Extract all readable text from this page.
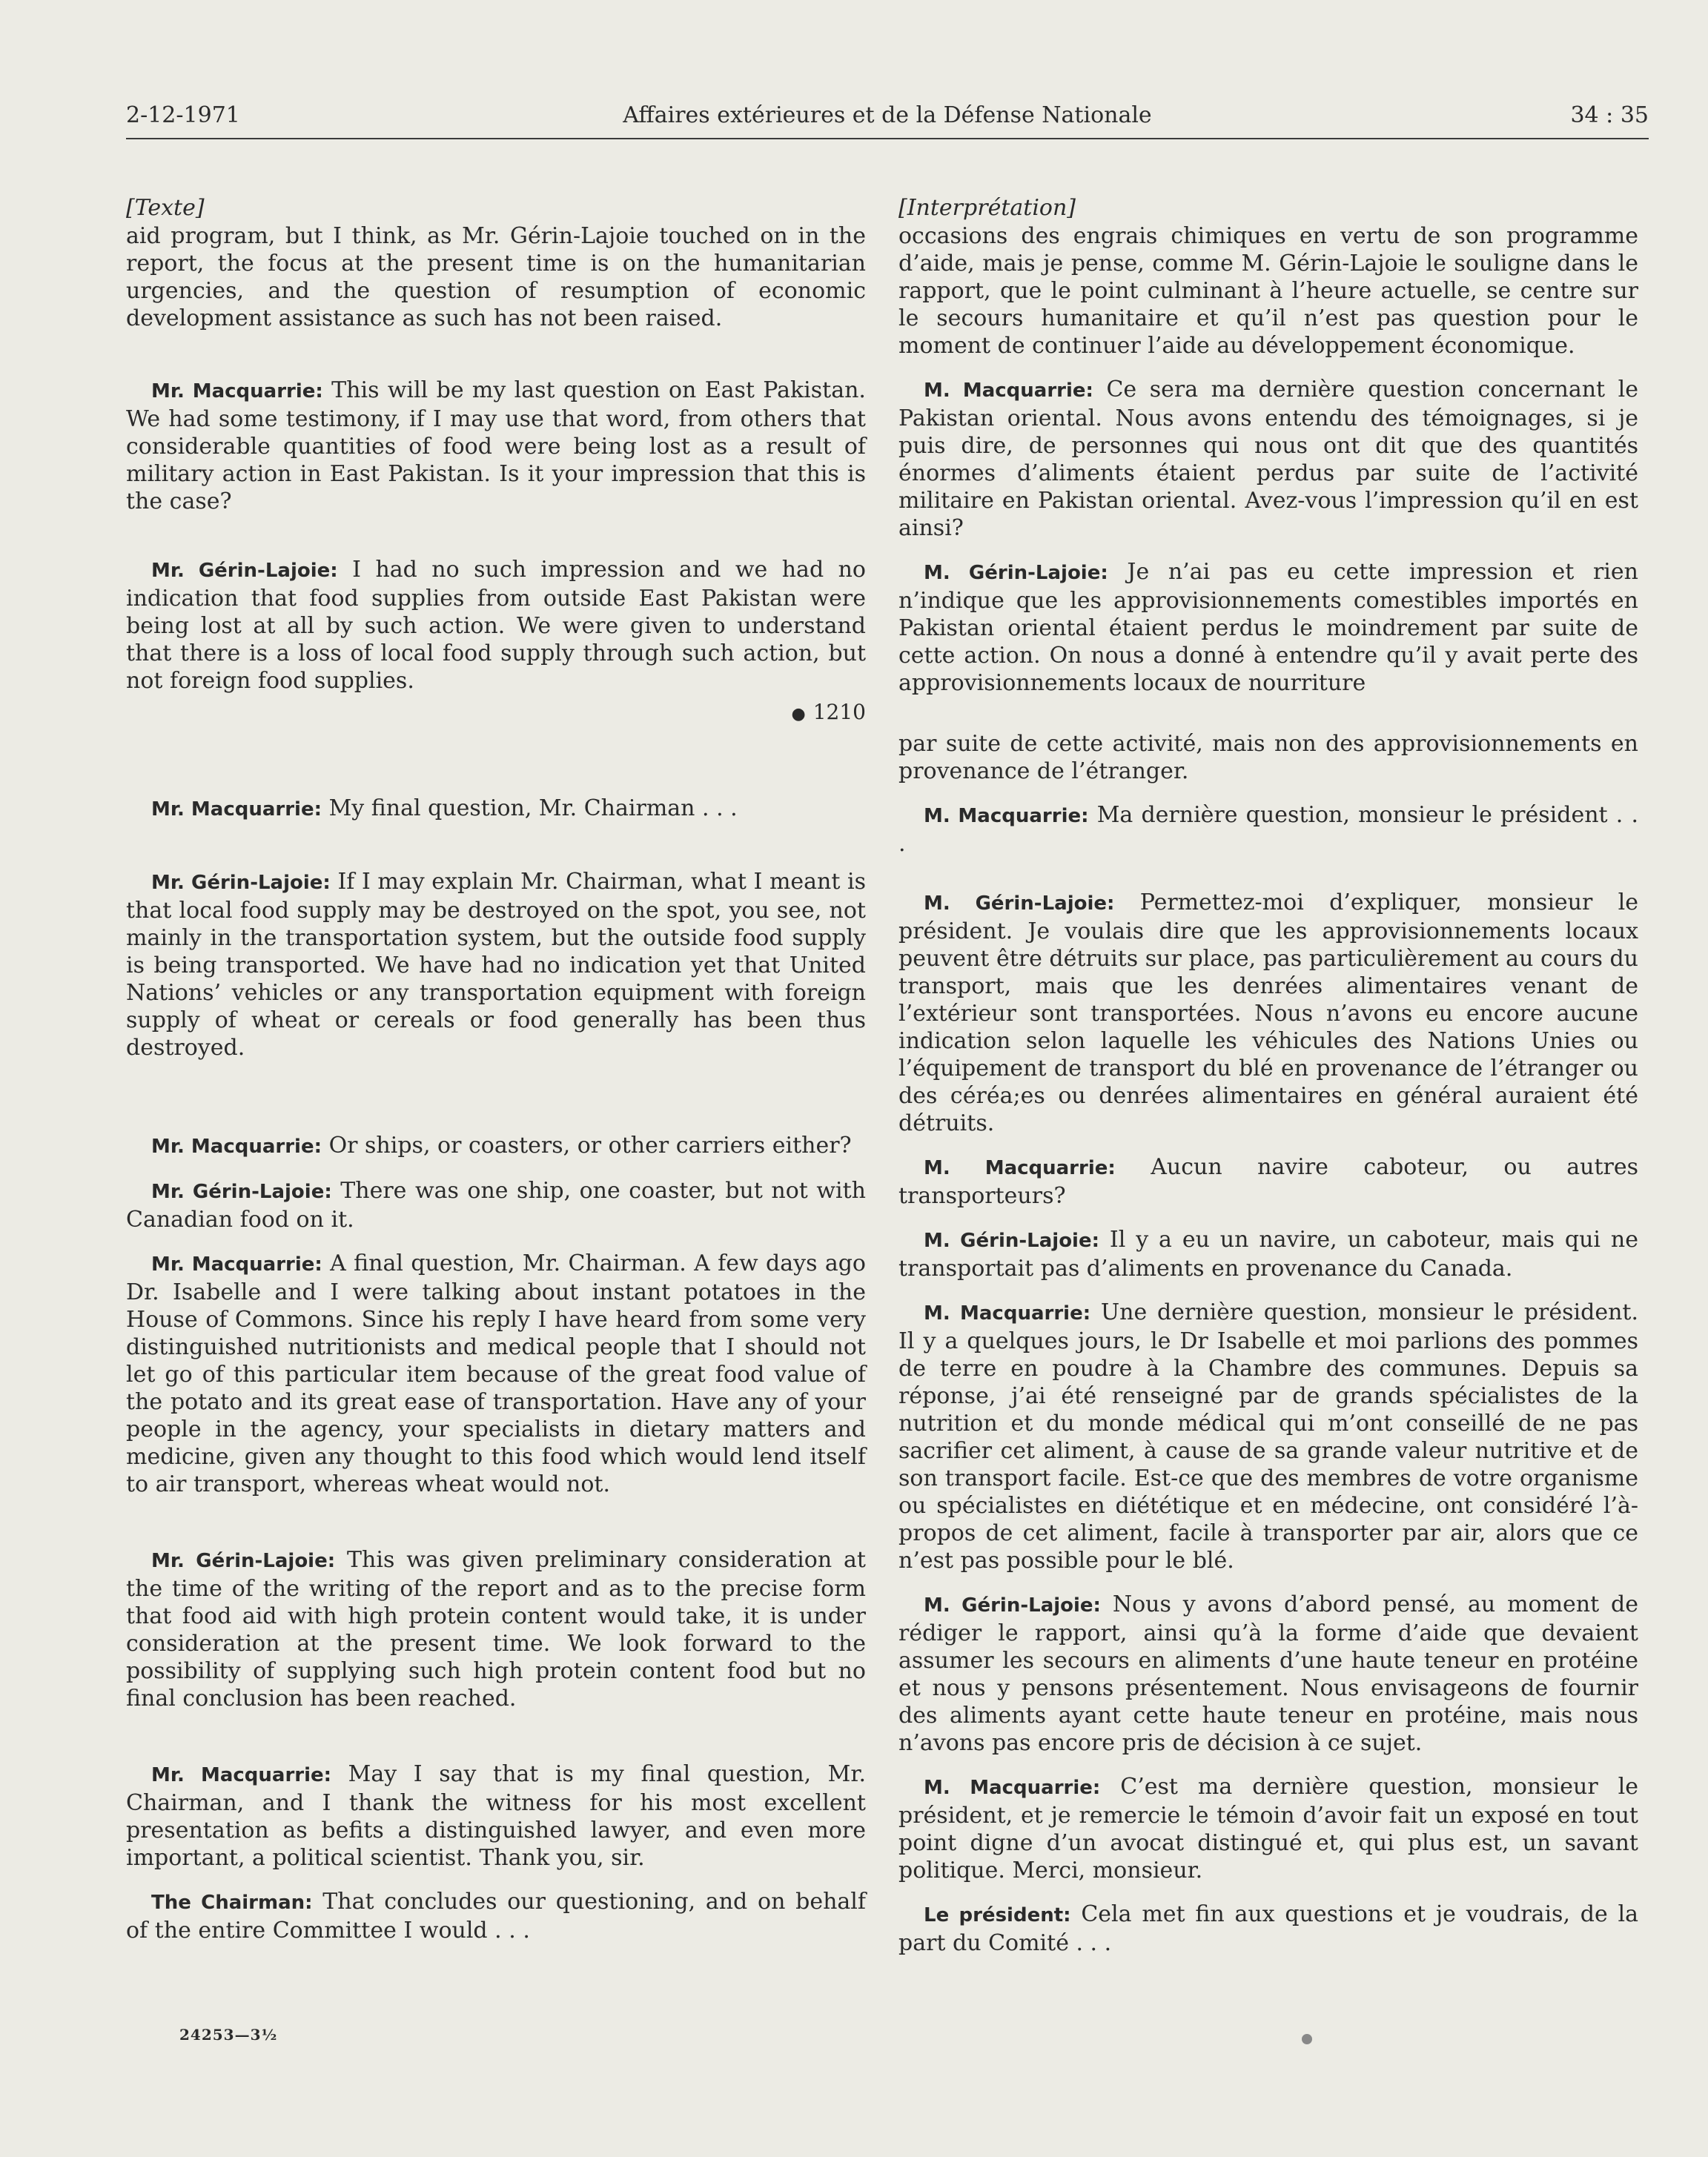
2-12-1971	Affaires extérieures et de la Défense Nationale	34 : 35

[Texte]

aid program, but I think, as Mr. Gérin-Lajoie touched on in the report, the focus at the present time is on the humanitarian urgencies, and the question of resumption of economic development assistance as such has not been raised.

Mr. Macquarrie: This will be my last question on East Pakistan. We had some testimony, if I may use that word, from others that considerable quantities of food were being lost as a result of military action in East Pakistan. Is it your impression that this is the case?

Mr. Gérin-Lajoie: I had no such impression and we had no indication that food supplies from outside East Pakistan were being lost at all by such action. We were given to understand that there is a loss of local food supply through such action, but not foreign food supplies.

● 1210

Mr. Macquarrie: My final question, Mr. Chairman . . .

Mr. Gérin-Lajoie: If I may explain Mr. Chairman, what I meant is that local food supply may be destroyed on the spot, you see, not mainly in the transportation system, but the outside food supply is being transported. We have had no indication yet that United Nations’ vehicles or any transportation equipment with foreign supply of wheat or cereals or food generally has been thus destroyed.

Mr. Macquarrie: Or ships, or coasters, or other carriers either?

Mr. Gérin-Lajoie: There was one ship, one coaster, but not with Canadian food on it.

Mr. Macquarrie: A final question, Mr. Chairman. A few days ago Dr. Isabelle and I were talking about instant potatoes in the House of Commons. Since his reply I have heard from some very distinguished nutritionists and medical people that I should not let go of this particular item because of the great food value of the potato and its great ease of transportation. Have any of your people in the agency, your specialists in dietary matters and medicine, given any thought to this food which would lend itself to air transport, whereas wheat would not.

Mr. Gérin-Lajoie: This was given preliminary consideration at the time of the writing of the report and as to the precise form that food aid with high protein content would take, it is under consideration at the present time. We look forward to the possibility of supplying such high protein content food but no final conclusion has been reached.

Mr. Macquarrie: May I say that is my final question, Mr. Chairman, and I thank the witness for his most excellent presentation as befits a distinguished lawyer, and even more important, a political scientist. Thank you, sir.

The Chairman: That concludes our questioning, and on behalf of the entire Committee I would . . .

[Interprétation]

occasions des engrais chimiques en vertu de son programme d’aide, mais je pense, comme M. Gérin-Lajoie le souligne dans le rapport, que le point culminant à l’heure actuelle, se centre sur le secours humanitaire et qu’il n’est pas question pour le moment de continuer l’aide au développement économique.

M. Macquarrie: Ce sera ma dernière question concernant le Pakistan oriental. Nous avons entendu des témoignages, si je puis dire, de personnes qui nous ont dit que des quantités énormes d’aliments étaient perdus par suite de l’activité militaire en Pakistan oriental. Avez-vous l’impression qu’il en est ainsi?

M. Gérin-Lajoie: Je n’ai pas eu cette impression et rien n’indique que les approvisionnements comestibles importés en Pakistan oriental étaient perdus le moindrement par suite de cette action. On nous a donné à entendre qu’il y avait perte des approvisionnements locaux de nourriture

par suite de cette activité, mais non des approvisionnements en provenance de l’étranger.

M. Macquarrie: Ma dernière question, monsieur le président . . .

M. Gérin-Lajoie: Permettez-moi d’expliquer, monsieur le président. Je voulais dire que les approvisionnements locaux peuvent être détruits sur place, pas particulièrement au cours du transport, mais que les denrées alimentaires venant de l’extérieur sont transportées. Nous n’avons eu encore aucune indication selon laquelle les véhicules des Nations Unies ou l’équipement de transport du blé en provenance de l’étranger ou des céréa;es ou denrées alimentaires en général auraient été détruits.

M. Macquarrie: Aucun navire caboteur, ou autres transporteurs?

M. Gérin-Lajoie: Il y a eu un navire, un caboteur, mais qui ne transportait pas d’aliments en provenance du Canada.

M. Macquarrie: Une dernière question, monsieur le président. Il y a quelques jours, le Dr Isabelle et moi parlions des pommes de terre en poudre à la Chambre des communes. Depuis sa réponse, j’ai été renseigné par de grands spécialistes de la nutrition et du monde médical qui m’ont conseillé de ne pas sacrifier cet aliment, à cause de sa grande valeur nutritive et de son transport facile. Est-ce que des membres de votre organisme ou spécialistes en diététique et en médecine, ont considéré l’à-propos de cet aliment, facile à transporter par air, alors que ce n’est pas possible pour le blé.

M. Gérin-Lajoie: Nous y avons d’abord pensé, au moment de rédiger le rapport, ainsi qu’à la forme d’aide que devaient assumer les secours en aliments d’une haute teneur en protéine et nous y pensons présentement. Nous envisageons de fournir des aliments ayant cette haute teneur en protéine, mais nous n’avons pas encore pris de décision à ce sujet.

M. Macquarrie: C’est ma dernière question, monsieur le président, et je remercie le témoin d’avoir fait un exposé en tout point digne d’un avocat distingué et, qui plus est, un savant politique. Merci, monsieur.

Le président: Cela met fin aux questions et je voudrais, de la part du Comité . . .

24253—3½
